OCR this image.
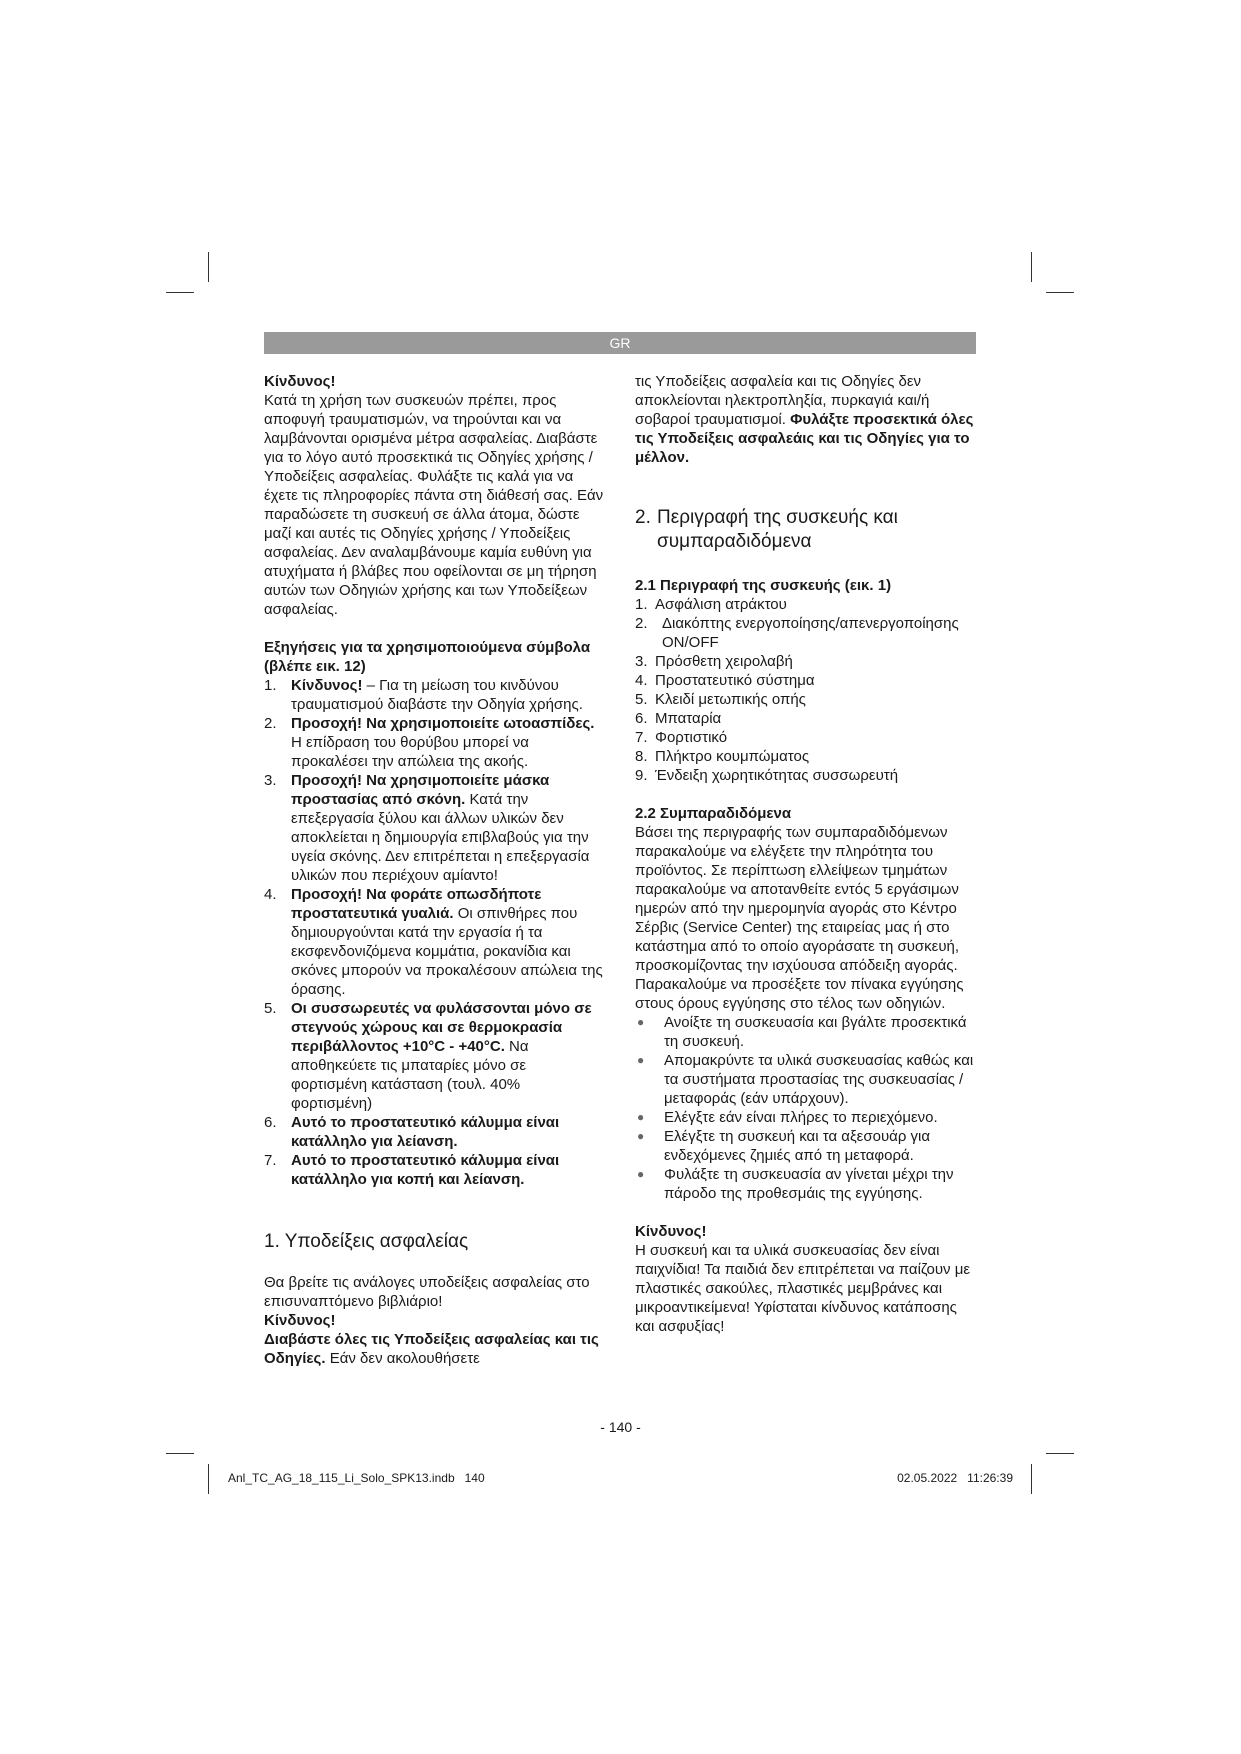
GR

Κίνδυνος!

Κατά τη χρήση των συσκευών πρέπει, προς αποφυγή τραυματισμών, να τηρούνται και να λαμβάνονται ορισμένα μέτρα ασφαλείας. Διαβάστε για το λόγο αυτό προσεκτικά τις Οδηγίες χρήσης / Υποδείξεις ασφαλείας. Φυλάξτε τις καλά για να έχετε τις πληροφορίες πάντα στη διάθεσή σας. Εάν παραδώσετε τη συσκευή σε άλλα άτομα, δώστε μαζί και αυτές τις Οδηγίες χρήσης / Υποδείξεις ασφαλείας. Δεν αναλαμβάνουμε καμία ευθύνη για ατυχήματα ή βλάβες που οφείλονται σε μη τήρηση αυτών των Οδηγιών χρήσης και των Υποδείξεων ασφαλείας.

Εξηγήσεις για τα χρησιμοποιούμενα σύμβολα (βλέπε εικ. 12)
1. Κίνδυνος! – Για τη μείωση του κινδύνου τραυματισμού διαβάστε την Οδηγία χρήσης.
2. Προσοχή! Να χρησιμοποιείτε ωτοασπίδες. Η επίδραση του θορύβου μπορεί να προκαλέσει την απώλεια της ακοής.
3. Προσοχή! Να χρησιμοποιείτε μάσκα προστασίας από σκόνη. Κατά την επεξεργασία ξύλου και άλλων υλικών δεν αποκλείεται η δημιουργία επιβλαβούς για την υγεία σκόνης. Δεν επιτρέπεται η επεξεργασία υλικών που περιέχουν αμίαντο!
4. Προσοχή! Να φοράτε οπωσδήποτε προστατευτικά γυαλιά. Οι σπινθήρες που δημιουργούνται κατά την εργασία ή τα εκσφενδονιζόμενα κομμάτια, ροκανίδια και σκόνες μπορούν να προκαλέσουν απώλεια της όρασης.
5. Οι συσσωρευτές να φυλάσσονται μόνο σε στεγνούς χώρους και σε θερμοκρασία περιβάλλοντος +10°C - +40°C. Να αποθηκεύετε τις μπαταρίες μόνο σε φορτισμένη κατάσταση (τουλ. 40% φορτισμένη)
6. Αυτό το προστατευτικό κάλυμμα είναι κατάλληλο για λείανση.
7. Αυτό το προστατευτικό κάλυμμα είναι κατάλληλο για κοπή και λείανση.
1. Υποδείξεις ασφαλείας

Θα βρείτε τις ανάλογες υποδείξεις ασφαλείας στο επισυναπτόμενο βιβλιάριο!

Κίνδυνος!

Διαβάστε όλες τις Υποδείξεις ασφαλείας και τις Οδηγίες. Εάν δεν ακολουθήσετε

τις Υποδείξεις ασφαλεία και τις Οδηγίες δεν αποκλείονται ηλεκτροπληξία, πυρκαγιά και/ή σοβαροί τραυματισμοί. Φυλάξτε προσεκτικά όλες τις Υποδείξεις ασφαλεάις και τις Οδηγίες για το μέλλον.

2. Περιγραφή της συσκευής και συμπαραδιδόμενα
2.1 Περιγραφή της συσκευής (εικ. 1)
1. Ασφάλιση ατράκτου
2. Διακόπτης ενεργοποίησης/απενεργοποίησης ON/OFF
3. Πρόσθετη χειρολαβή
4. Προστατευτικό σύστημα
5. Κλειδί μετωπικής οπής
6. Μπαταρία
7. Φορτιστικό
8. Πλήκτρο κουμπώματος
9. Ένδειξη χωρητικότητας συσσωρευτή
2.2 Συμπαραδιδόμενα

Βάσει της περιγραφής των συμπαραδιδόμενων παρακαλούμε να ελέγξετε την πληρότητα του προϊόντος. Σε περίπτωση ελλείψεων τμημάτων παρακαλούμε να αποτανθείτε εντός 5 εργάσιμων ημερών από την ημερομηνία αγοράς στο Κέντρο Σέρβις (Service Center) της εταιρείας μας ή στο κατάστημα από το οποίο αγοράσατε τη συσκευή, προσκομίζοντας την ισχύουσα απόδειξη αγοράς. Παρακαλούμε να προσέξετε τον πίνακα εγγύησης στους όρους εγγύησης στο τέλος των οδηγιών.

●	Ανοίξτε τη συσκευασία και βγάλτε προσεκτικά τη συσκευή.
●	Απομακρύντε τα υλικά συσκευασίας καθώς και τα συστήματα προστασίας της συσκευασίας / μεταφοράς (εάν υπάρχουν).
●	Ελέγξτε εάν είναι πλήρες το περιεχόμενο.
●	Ελέγξτε τη συσκευή και τα αξεσουάρ για ενδεχόμενες ζημιές από τη μεταφορά.
●	Φυλάξτε τη συσκευασία αν γίνεται μέχρι την πάροδο της προθεσμάις της εγγύησης.

Κίνδυνος!

Η συσκευή και τα υλικά συσκευασίας δεν είναι παιχνίδια! Τα παιδιά δεν επιτρέπεται να παίζουν με πλαστικές σακούλες, πλαστικές μεμβράνες και μικροαντικείμενα! Υφίσταται κίνδυνος κατάποσης και ασφυξίας!

- 140 -
Anl_TC_AG_18_115_Li_Solo_SPK13.indb   140	02.05.2022   11:26:39
